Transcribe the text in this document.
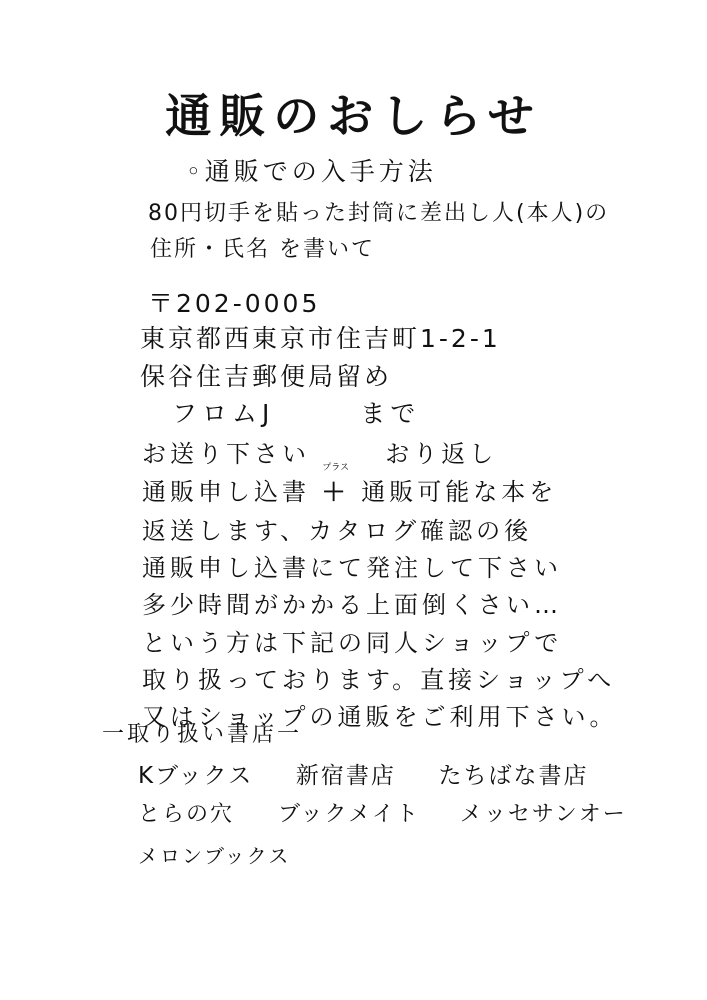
通販のおしらせ
◦通販での入手方法
80円切手を貼った封筒に差出し人(本人)の
住所・氏名 を書いて
〒202-0005
東京都西東京市住吉町1-2-1
保谷住吉郵便局留め
フロムJ	まで
お送り下さい	おり返し
通販申し込書
プラス
＋ 通販可能な本を
返送します、カタログ確認の後
通販申し込書にて発注して下さい
多少時間がかかる上面倒くさい…
という方は下記の同人ショップで
取り扱っております。直接ショップへ
又はショップの通販をご利用下さい。
一取り扱い書店一
Kブックス 新宿書店 たちばな書店
とらの穴 ブックメイト メッセサンオー
メロンブックス
